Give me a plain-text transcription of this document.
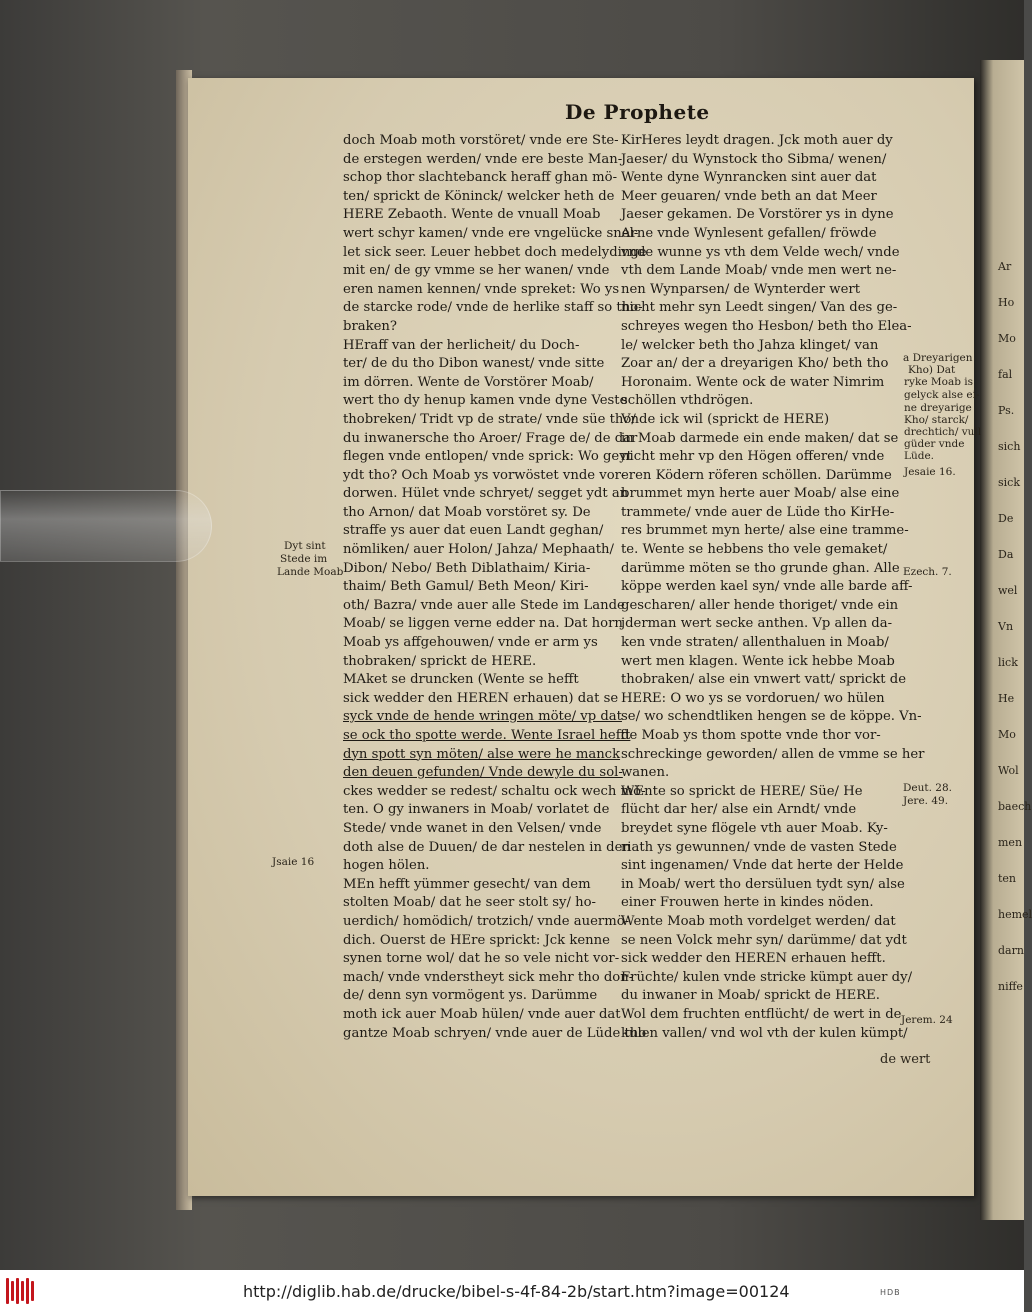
Ar
Ho
Mo
fal
Ps.
sich
sick
De
Da
wel
Vn
lick
He
Mo
Wol
baech
men
ten
hemel
darn
niffe
De Prophete

doch Moab moth vorstöret/ vnde ere Ste-

de erstegen werden/ vnde ere beste Man-

schop thor slachtebanck heraff ghan mö-

ten/ sprickt de Köninck/ welcker heth de

HERE Zebaoth. Wente de vnuall Moab

wert schyr kamen/ vnde ere vngelücke snel-

let sick seer. Leuer hebbet doch medelydinge

mit en/ de gy vmme se her wanen/ vnde

eren namen kennen/ vnde spreket: Wo ys

de starcke rode/ vnde de herlike staff so tho-

braken?

HEraff van der herlicheit/ du Doch-

ter/ de du tho Dibon wanest/ vnde sitte

im dörren. Wente de Vorstörer Moab/

wert tho dy henup kamen vnde dyne Veste

thobreken/ Tridt vp de strate/ vnde süe tho/

du inwanersche tho Aroer/ Frage de/ de dar

flegen vnde entlopen/ vnde sprick: Wo geyt

ydt tho? Och Moab ys vorwöstet vnde vor-

dorwen. Hület vnde schryet/ segget ydt an

tho Arnon/ dat Moab vorstöret sy. De

straffe ys auer dat euen Landt geghan/

nömliken/ auer Holon/ Jahza/ Mephaath/

Dibon/ Nebo/ Beth Diblathaim/ Kiria-

thaim/ Beth Gamul/ Beth Meon/ Kiri-

oth/ Bazra/ vnde auer alle Stede im Lande

Moab/ se liggen verne edder na. Dat horn

Moab ys affgehouwen/ vnde er arm ys

thobraken/ sprickt de HERE.

MAket se druncken (Wente se hefft

sick wedder den HEREN erhauen) dat se

syck vnde de hende wringen möte/ vp dat

se ock tho spotte werde. Wente Israel hefft

dyn spott syn möten/ alse were he manck

den deuen gefunden/ Vnde dewyle du sol-

ckes wedder se redest/ schaltu ock wech mö-

ten. O gy inwaners in Moab/ vorlatet de

Stede/ vnde wanet in den Velsen/ vnde

doth alse de Duuen/ de dar nestelen in den

hogen hölen.

MEn hefft yümmer gesecht/ van dem

stolten Moab/ dat he seer stolt sy/ ho-

uerdich/ homödich/ trotzich/ vnde auermö-

dich. Ouerst de HEre sprickt: Jck kenne

synen torne wol/ dat he so vele nicht vor-

mach/ vnde vnderstheyt sick mehr tho don-

de/ denn syn vormögent ys. Darümme

moth ick auer Moab hülen/ vnde auer dat

gantze Moab schryen/ vnde auer de Lüde tho

KirHeres leydt dragen. Jck moth auer dy

Jaeser/ du Wynstock tho Sibma/ wenen/

Wente dyne Wynrancken sint auer dat

Meer geuaren/ vnde beth an dat Meer

Jaeser gekamen. De Vorstörer ys in dyne

Arne vnde Wynlesent gefallen/ fröwde

vnde wunne ys vth dem Velde wech/ vnde

vth dem Lande Moab/ vnde men wert ne-

nen Wynparsen/ de Wynterder wert

nicht mehr syn Leedt singen/ Van des ge-

schreyes wegen tho Hesbon/ beth tho Elea-

le/ welcker beth tho Jahza klinget/ van

Zoar an/ der a dreyarigen Kho/ beth tho

Horonaim. Wente ock de water Nimrim

schöllen vthdrögen.

Vnde ick wil (sprickt de HERE)

in Moab darmede ein ende maken/ dat se

nicht mehr vp den Högen offeren/ vnde

eren Ködern röferen schöllen. Darümme

brummet myn herte auer Moab/ alse eine

trammete/ vnde auer de Lüde tho KirHe-

res brummet myn herte/ alse eine tramme-

te. Wente se hebbens tho vele gemaket/

darümme möten se tho grunde ghan. Alle

köppe werden kael syn/ vnde alle barde aff-

gescharen/ aller hende thoriget/ vnde ein

jderman wert secke anthen. Vp allen da-

ken vnde straten/ allenthaluen in Moab/

wert men klagen. Wente ick hebbe Moab

thobraken/ alse ein vnwert vatt/ sprickt de

HERE: O wo ys se vordoruen/ wo hülen

se/ wo schendtliken hengen se de köppe. Vn-

de Moab ys thom spotte vnde thor vor-

schreckinge geworden/ allen de vmme se her

wanen.

WEnte so sprickt de HERE/ Süe/ He

flücht dar her/ alse ein Arndt/ vnde

breydet syne flögele vth auer Moab. Ky-

riath ys gewunnen/ vnde de vasten Stede

sint ingenamen/ Vnde dat herte der Helde

in Moab/ wert tho dersüluen tydt syn/ alse

einer Frouwen herte in kindes nöden.

Wente Moab moth vordelget werden/ dat

se neen Volck mehr syn/ darümme/ dat ydt

sick wedder den HEREN erhauen hefft.

Früchte/ kulen vnde stricke kümpt auer dy/

du inwaner in Moab/ sprickt de HERE.

Wol dem fruchten entflücht/ de wert in de

kulen vallen/ vnd wol vth der kulen kümpt/

de wert
Dyt sint
Stede im
Lande Moab
Jsaie 16
a Dreyarigen
Kho) Dat
ryke Moab is
gelyck alse ei-
ne dreyarige
Kho/ starck/
drechtich/ vull
güder vnde
Lüde.
Jesaie 16.
Ezech. 7.
Deut. 28.
Jere. 49.
Jerem. 24
http://diglib.hab.de/drucke/bibel-s-4f-84-2b/start.htm?image=00124	HDB
